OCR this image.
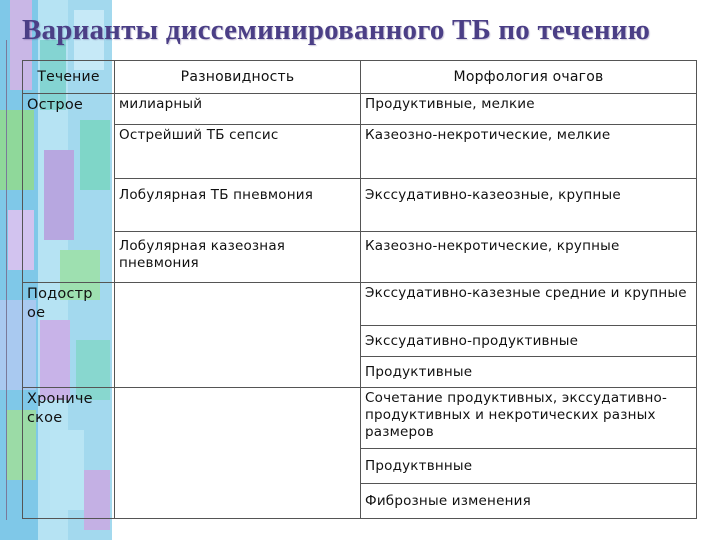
Варианты диссеминированного ТБ по течению
Течение	Разновидность	Морфология очагов
Острое	милиарный	Продуктивные, мелкие
	Острейший ТБ сепсис	Казеозно-некротические, мелкие
	Лобулярная ТБ пневмония	Экссудативно-казеозные, крупные
	Лобулярная казеозная пневмония	Казеозно-некротические, крупные
Подостр ое		Экссудативно-казезные средние и крупные
		Экссудативно-продуктивные
		Продуктивные
Хрониче ское		Сочетание продуктивных, экссудативно-продуктивных и некротических разных размеров
		Продуктвнные
		Фиброзные изменения
